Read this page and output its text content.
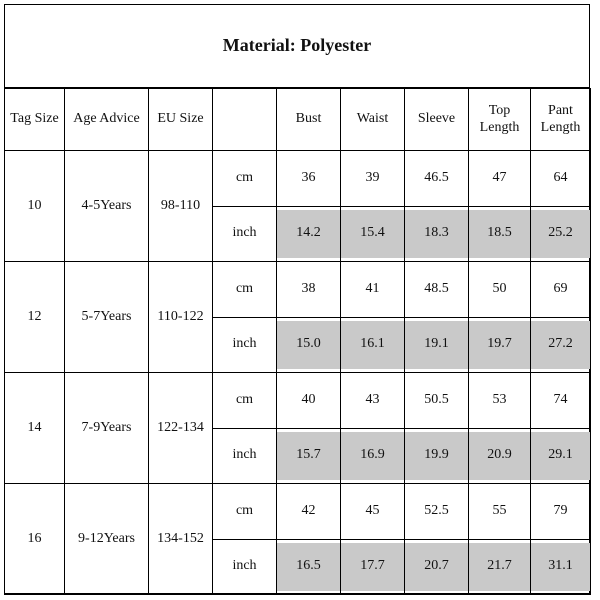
Material: Polyester
Tag Size	Age Advice	EU Size		Bust	Waist	Sleeve	Top Length	Pant Length
10	4-5Years	98-110	cm	36	39	46.5	47	64
			inch	14.2	15.4	18.3	18.5	25.2

12	5-7Years	110-122	cm	38	41	48.5	50	69
			inch	15.0	16.1	19.1	19.7	27.2

14	7-9Years	122-134	cm	40	43	50.5	53	74
			inch	15.7	16.9	19.9	20.9	29.1

16	9-12Years	134-152	cm	42	45	52.5	55	79
			inch	16.5	17.7	20.7	21.7	31.1
